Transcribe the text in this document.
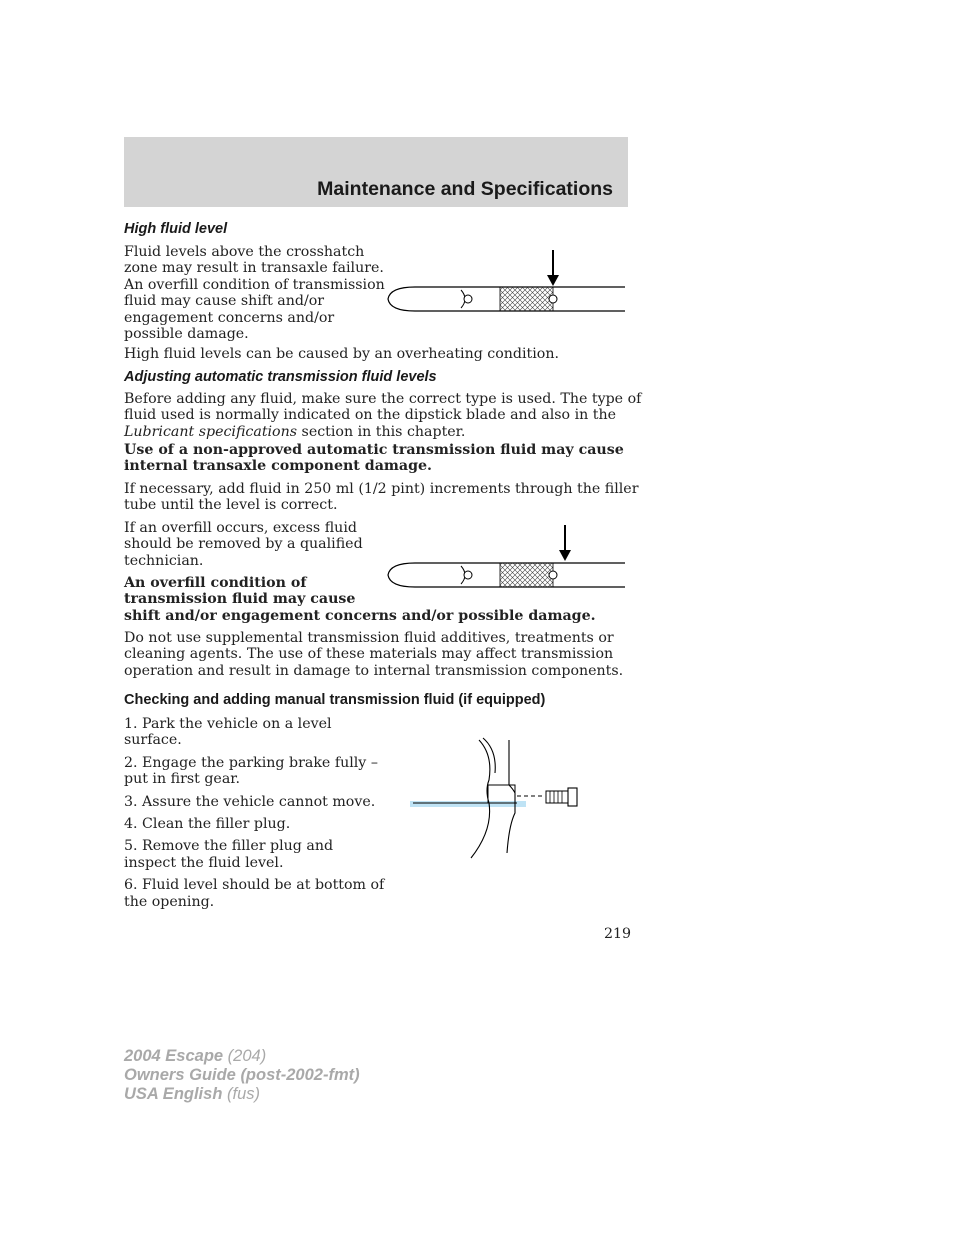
Maintenance and Specifications
High fluid level

Fluid levels above the crosshatch

zone may result in transaxle failure.

An overfill condition of transmission

fluid may cause shift and/or

engagement concerns and/or

possible damage.

High fluid levels can be caused by an overheating condition.
Adjusting automatic transmission fluid levels

Before adding any fluid, make sure the correct type is used. The type of

fluid used is normally indicated on the dipstick blade and also in the

Lubricant specifications section in this chapter.

Use of a non-approved automatic transmission fluid may cause

internal transaxle component damage.

If necessary, add fluid in 250 ml (1/2 pint) increments through the filler

tube until the level is correct.

If an overfill occurs, excess fluid

should be removed by a qualified

technician.

An overfill condition of

transmission fluid may cause

shift and/or engagement concerns and/or possible damage.

Do not use supplemental transmission fluid additives, treatments or

cleaning agents. The use of these materials may affect transmission

operation and result in damage to internal transmission components.

Checking and adding manual transmission fluid (if equipped)

1. Park the vehicle on a level

surface.

2. Engage the parking brake fully –

put in first gear.

3. Assure the vehicle cannot move.

4. Clean the filler plug.

5. Remove the filler plug and

inspect the fluid level.

6. Fluid level should be at bottom of

the opening.

219
2004 Escape (204)
Owners Guide (post-2002-fmt)
USA English (fus)
